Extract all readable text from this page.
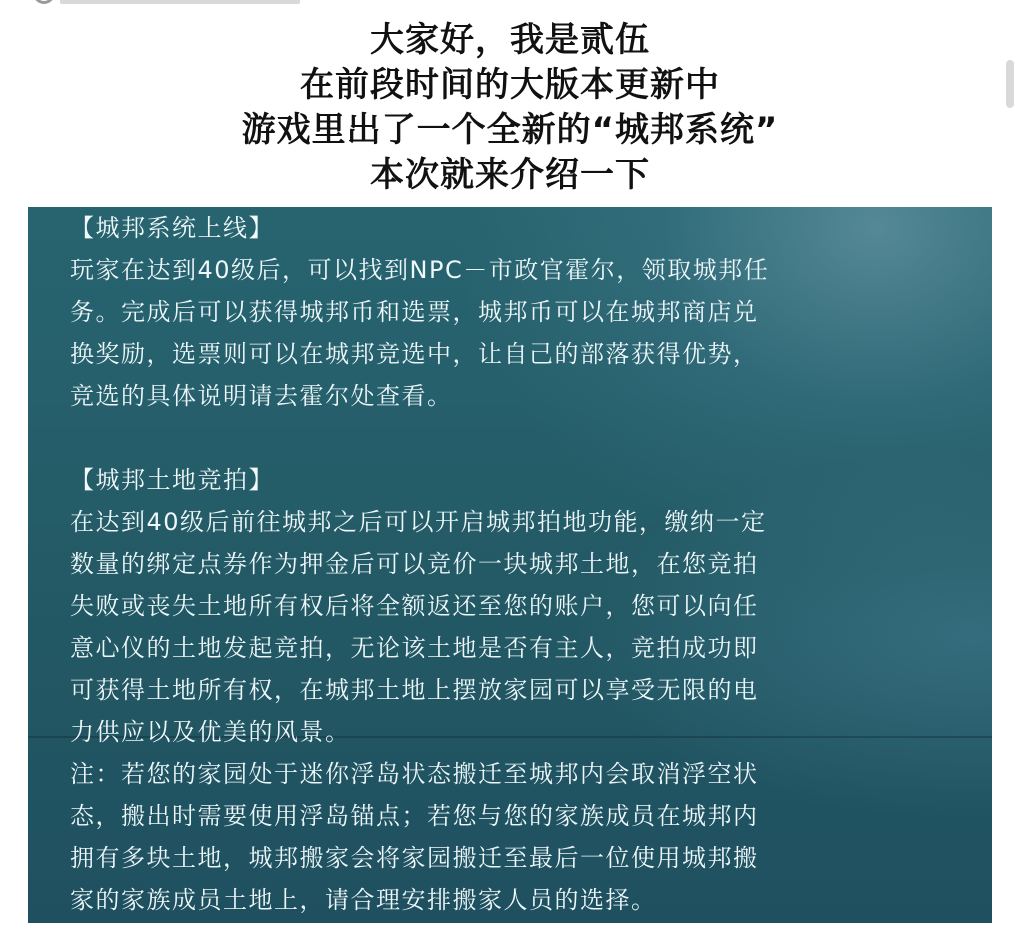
大家好，我是贰伍
在前段时间的大版本更新中
游戏里出了一个全新的“城邦系统”
本次就来介绍一下
【城邦系统上线】
玩家在达到40级后，可以找到NPC－市政官霍尔，领取城邦任
务。完成后可以获得城邦币和选票，城邦币可以在城邦商店兑
换奖励，选票则可以在城邦竞选中，让自己的部落获得优势，
竞选的具体说明请去霍尔处查看。
【城邦土地竞拍】
在达到40级后前往城邦之后可以开启城邦拍地功能，缴纳一定
数量的绑定点券作为押金后可以竞价一块城邦土地，在您竞拍
失败或丧失土地所有权后将全额返还至您的账户，您可以向任
意心仪的土地发起竞拍，无论该土地是否有主人，竞拍成功即
可获得土地所有权，在城邦土地上摆放家园可以享受无限的电
力供应以及优美的风景。
注：若您的家园处于迷你浮岛状态搬迁至城邦内会取消浮空状
态，搬出时需要使用浮岛锚点；若您与您的家族成员在城邦内
拥有多块土地，城邦搬家会将家园搬迁至最后一位使用城邦搬
家的家族成员土地上，请合理安排搬家人员的选择。
